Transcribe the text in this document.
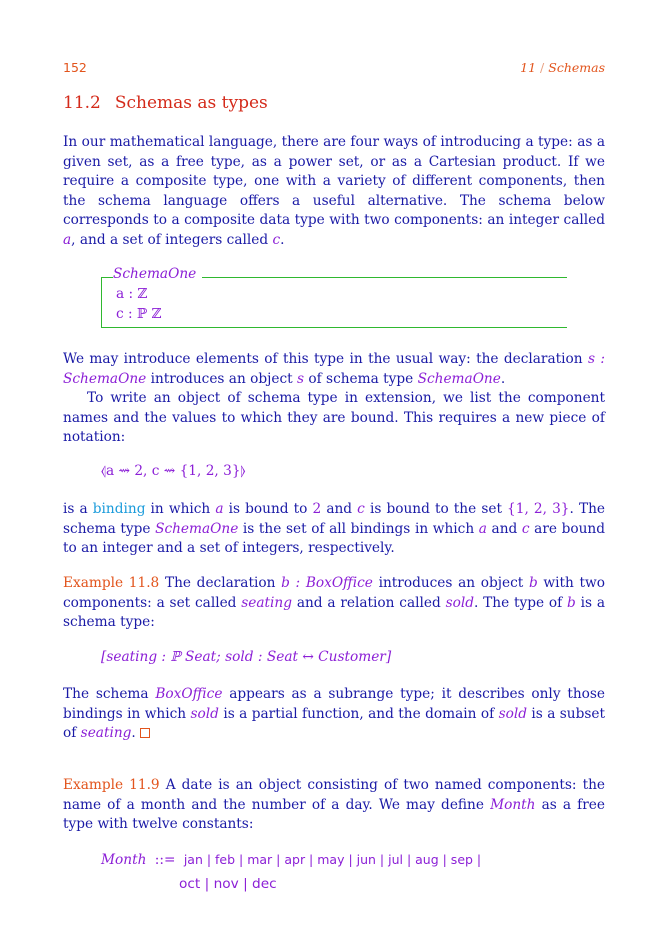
152	11 / Schemas
11.2 Schemas as types

In our mathematical language, there are four ways of introducing a type: as a given set, as a free type, as a power set, or as a Cartesian product. If we require a composite type, one with a variety of different components, then the schema language offers a useful alternative. The schema below corresponds to a composite data type with two components: an integer called a, and a set of integers called c.

SchemaOne
a : ℤ
c : ℙ ℤ

We may introduce elements of this type in the usual way: the declaration s : SchemaOne introduces an object s of schema type SchemaOne.

To write an object of schema type in extension, we list the component names and the values to which they are bound. This requires a new piece of notation:

⦉a ⇝ 2, c ⇝ {1, 2, 3}⦊

is a binding in which a is bound to 2 and c is bound to the set {1, 2, 3}. The schema type SchemaOne is the set of all bindings in which a and c are bound to an integer and a set of integers, respectively.

Example 11.8 The declaration b : BoxOffice introduces an object b with two components: a set called seating and a relation called sold. The type of b is a schema type:

[seating : ℙ Seat; sold : Seat ↔ Customer]

The schema BoxOffice appears as a subrange type; it describes only those bindings in which sold is a partial function, and the domain of sold is a subset of seating.

Example 11.9 A date is an object consisting of two named components: the name of a month and the number of a day. We may define Month as a free type with twelve constants:

Month ::= jan | feb | mar | apr | may | jun | jul | aug | sep |
oct | nov | dec
